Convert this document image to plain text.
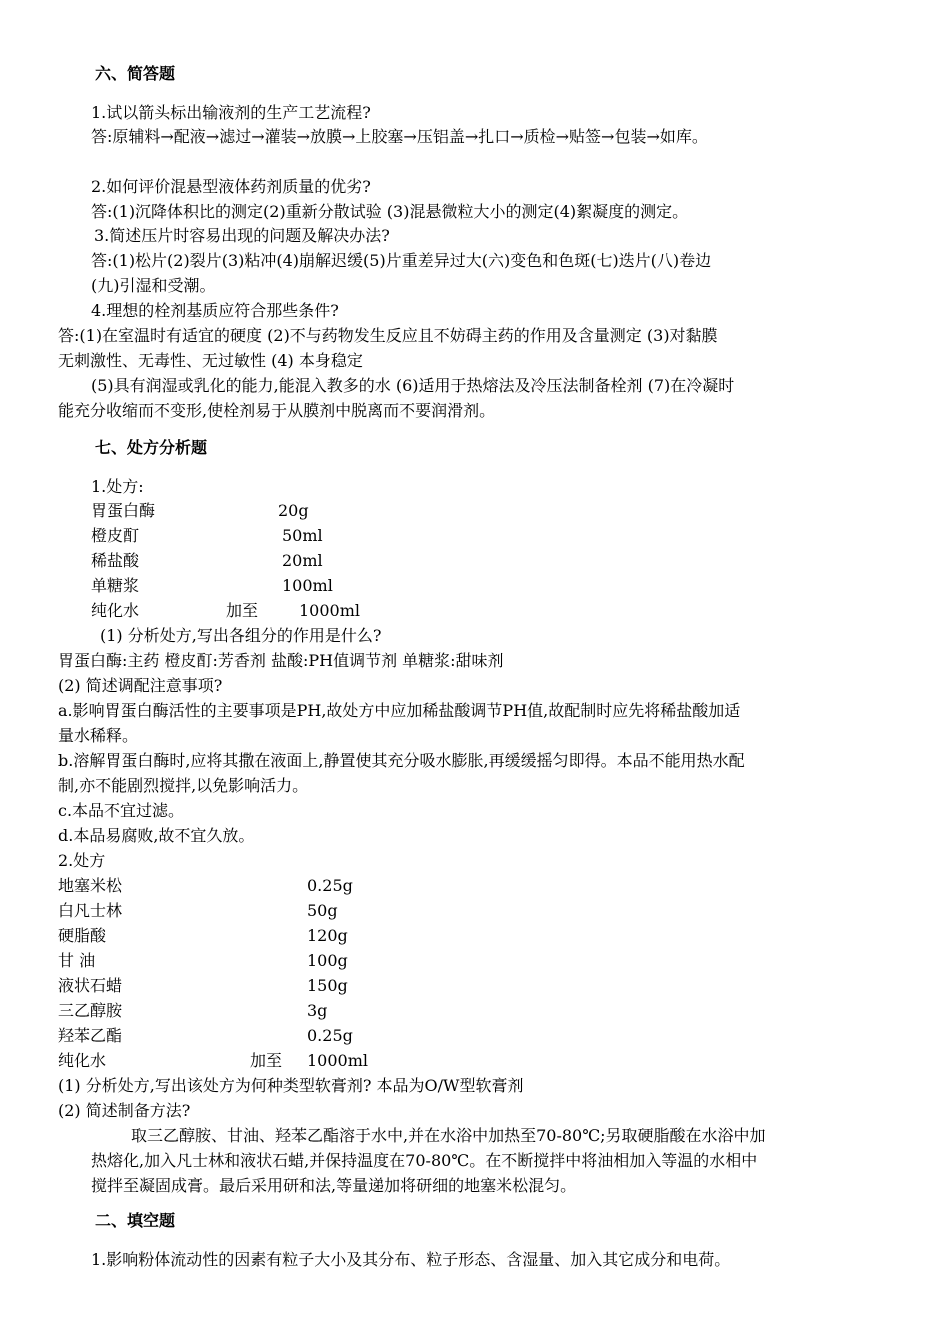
六、简答题
1.试以箭头标出输液剂的生产工艺流程?
答:原辅料→配液→滤过→灌装→放膜→上胶塞→压铝盖→扎口→质检→贴签→包装→如库。
2.如何评价混悬型液体药剂质量的优劣?
答:(1)沉降体积比的测定(2)重新分散试验 (3)混悬微粒大小的测定(4)絮凝度的测定。
3.简述压片时容易出现的问题及解决办法?
答:(1)松片(2)裂片(3)粘冲(4)崩解迟缓(5)片重差异过大(六)变色和色斑(七)迭片(八)卷边
(九)引湿和受潮。
4.理想的栓剂基质应符合那些条件?
答:(1)在室温时有适宜的硬度 (2)不与药物发生反应且不妨碍主药的作用及含量测定 (3)对黏膜
无刺激性、无毒性、无过敏性 (4) 本身稳定
(5)具有润湿或乳化的能力,能混入教多的水 (6)适用于热熔法及冷压法制备栓剂 (7)在冷凝时
能充分收缩而不变形,使栓剂易于从膜剂中脱离而不要润滑剂。
七、处方分析题
1.处方:
胃蛋白酶	20g
橙皮酊	50ml
稀盐酸	20ml
单糖浆	100ml
纯化水	加至	1000ml
(1) 分析处方,写出各组分的作用是什么?
胃蛋白酶:主药 橙皮酊:芳香剂 盐酸:PH值调节剂 单糖浆:甜味剂
(2) 简述调配注意事项?
a.影响胃蛋白酶活性的主要事项是PH,故处方中应加稀盐酸调节PH值,故配制时应先将稀盐酸加适
量水稀释。
b.溶解胃蛋白酶时,应将其撒在液面上,静置使其充分吸水膨胀,再缓缓摇匀即得。本品不能用热水配
制,亦不能剧烈搅拌,以免影响活力。
c.本品不宜过滤。
d.本品易腐败,故不宜久放。
2.处方
地塞米松	0.25g
白凡士林	50g
硬脂酸	120g
甘 油	100g
液状石蜡	150g
三乙醇胺	3g
羟苯乙酯	0.25g
纯化水	加至 1000ml
(1) 分析处方,写出该处方为何种类型软膏剂? 本品为O/W型软膏剂
(2) 简述制备方法?
取三乙醇胺、甘油、羟苯乙酯溶于水中,并在水浴中加热至70-80℃;另取硬脂酸在水浴中加
热熔化,加入凡士林和液状石蜡,并保持温度在70-80℃。在不断搅拌中将油相加入等温的水相中
搅拌至凝固成膏。最后采用研和法,等量递加将研细的地塞米松混匀。
二、填空题
1.影响粉体流动性的因素有粒子大小及其分布、粒子形态、含湿量、加入其它成分和电荷。
